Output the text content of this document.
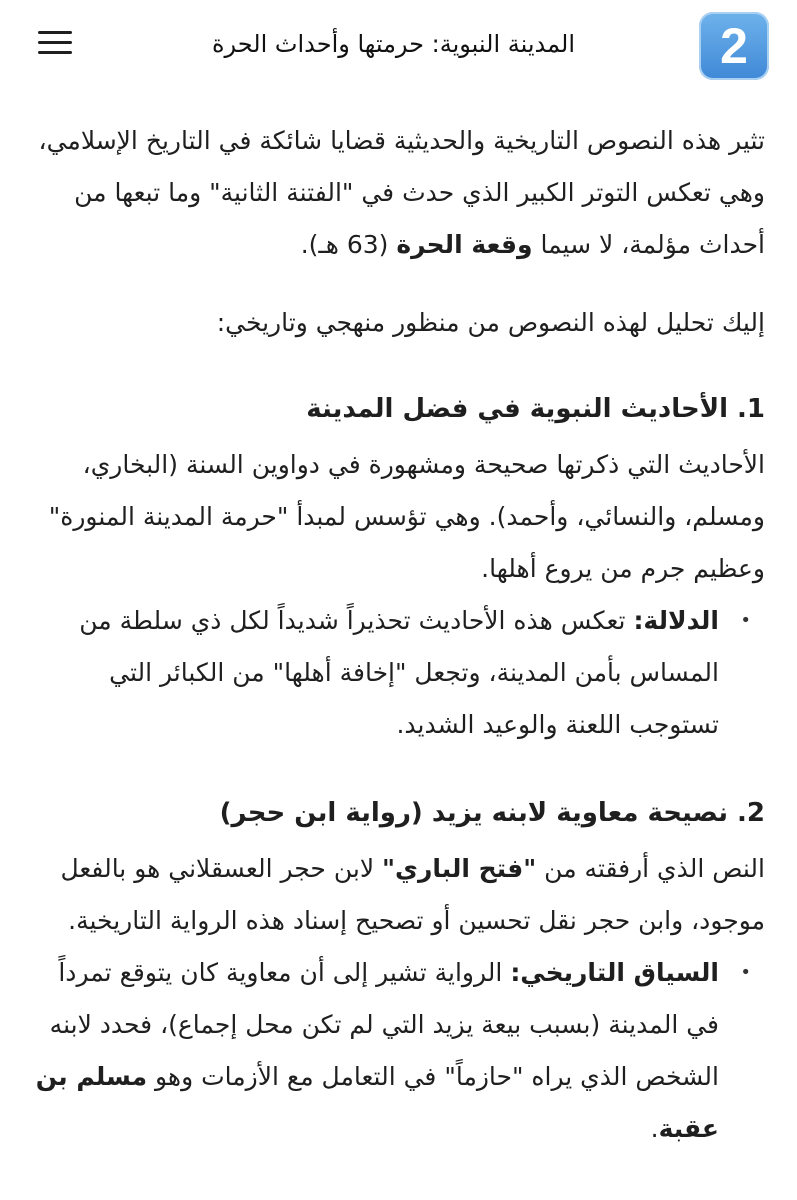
2
المدينة النبوية: حرمتها وأحداث الحرة

تثير هذه النصوص التاريخية والحديثية قضايا شائكة في التاريخ الإسلامي، وهي تعكس التوتر الكبير الذي حدث في "الفتنة الثانية" وما تبعها من أحداث مؤلمة، لا سيما وقعة الحرة (63 هـ).

إليك تحليل لهذه النصوص من منظور منهجي وتاريخي:

1. الأحاديث النبوية في فضل المدينة

الأحاديث التي ذكرتها صحيحة ومشهورة في دواوين السنة (البخاري، ومسلم، والنسائي، وأحمد). وهي تؤسس لمبدأ "حرمة المدينة المنورة" وعظيم جرم من يروع أهلها.

• الدلالة: تعكس هذه الأحاديث تحذيراً شديداً لكل ذي سلطة من المساس بأمن المدينة، وتجعل "إخافة أهلها" من الكبائر التي تستوجب اللعنة والوعيد الشديد.
2. نصيحة معاوية لابنه يزيد (رواية ابن حجر)

النص الذي أرفقته من "فتح الباري" لابن حجر العسقلاني هو بالفعل موجود، وابن حجر نقل تحسين أو تصحيح إسناد هذه الرواية التاريخية.

• السياق التاريخي: الرواية تشير إلى أن معاوية كان يتوقع تمرداً في المدينة (بسبب بيعة يزيد التي لم تكن محل إجماع)، فحدد لابنه الشخص الذي يراه "حازماً" في التعامل مع الأزمات وهو مسلم بن عقبة.
